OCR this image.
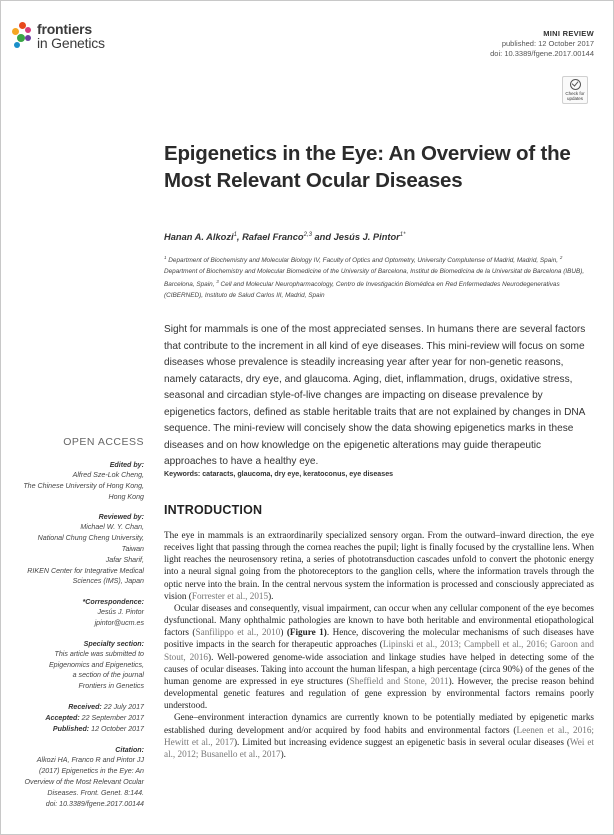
frontiers
in Genetics
MINI REVIEW
published: 12 October 2017
doi: 10.3389/fgene.2017.00144
Check for updates
Epigenetics in the Eye: An Overview of the Most Relevant Ocular Diseases
Hanan A. Alkozi$^1$, Rafael Franco$^{2,3}$ and Jesús J. Pintor$^{1*}$

$^1$ Department of Biochemistry and Molecular Biology IV, Faculty of Optics and Optometry, University Complutense of Madrid, Madrid, Spain, $^2$ Department of Biochemistry and Molecular Biomedicine of the University of Barcelona, Institut de Biomedicina de la Universitat de Barcelona (IBUB), Barcelona, Spain, $^3$ Cell and Molecular Neuropharmacology, Centro de Investigación Biomédica en Red Enfermedades Neurodegenerativas (CIBERNED), Instituto de Salud Carlos III, Madrid, Spain

Sight for mammals is one of the most appreciated senses. In humans there are several factors that contribute to the increment in all kind of eye diseases. This mini-review will focus on some diseases whose prevalence is steadily increasing year after year for non-genetic reasons, namely cataracts, dry eye, and glaucoma. Aging, diet, inflammation, drugs, oxidative stress, seasonal and circadian style-of-live changes are impacting on disease prevalence by epigenetics factors, defined as stable heritable traits that are not explained by changes in DNA sequence. The mini-review will concisely show the data showing epigenetics marks in these diseases and on how knowledge on the epigenetic alterations may guide therapeutic approaches to have a healthy eye.

Keywords: cataracts, glaucoma, dry eye, keratoconus, eye diseases
INTRODUCTION

The eye in mammals is an extraordinarily specialized sensory organ. From the outward–inward direction, the eye receives light that passing through the cornea reaches the pupil; light is finally focused by the crystalline lens. When light reaches the neurosensory retina, a series of phototransduction cascades unfold to convert the photonic energy into a neural signal going from the photoreceptors to the ganglion cells, where the information travels through the optic nerve into the brain. In the central nervous system the information is processed and consciously appreciated as vision (Forrester et al., 2015).

Ocular diseases and consequently, visual impairment, can occur when any cellular component of the eye becomes dysfunctional. Many ophthalmic pathologies are known to have both heritable and environmental etiopathological factors (Sanfilippo et al., 2010) (Figure 1). Hence, discovering the molecular mechanisms of such diseases have positive impacts in the search for therapeutic approaches (Lipinski et al., 2013; Campbell et al., 2016; Garoon and Stout, 2016). Well-powered genome-wide association and linkage studies have helped in detecting some of the causes of ocular diseases. Taking into account the human lifespan, a high percentage (circa 90%) of the genes of the human genome are expressed in eye structures (Sheffield and Stone, 2011). However, the precise reason behind developmental genetic features and regulation of gene expression by environmental factors remains poorly understood.

Gene–environment interaction dynamics are currently known to be potentially mediated by epigenetic marks established during development and/or acquired by food habits and environmental factors (Leenen et al., 2016; Hewitt et al., 2017). Limited but increasing evidence suggest an epigenetic basis in several ocular diseases (Wei et al., 2012; Busanello et al., 2017).

OPEN ACCESS
Edited by:
Alfred Sze-Lok Cheng,
The Chinese University of Hong Kong,
Hong Kong
Reviewed by:
Michael W. Y. Chan,
National Chung Cheng University,
Taiwan
Jafar Sharif,
RIKEN Center for Integrative Medical
Sciences (IMS), Japan
*Correspondence:
Jesús J. Pintor
jpintor@ucm.es
Specialty section:
This article was submitted to
Epigenomics and Epigenetics,
a section of the journal
Frontiers in Genetics
Received: 22 July 2017
Accepted: 22 September 2017
Published: 12 October 2017
Citation:
Alkozi HA, Franco R and Pintor JJ
(2017) Epigenetics in the Eye: An
Overview of the Most Relevant Ocular
Diseases. Front. Genet. 8:144.
doi: 10.3389/fgene.2017.00144
